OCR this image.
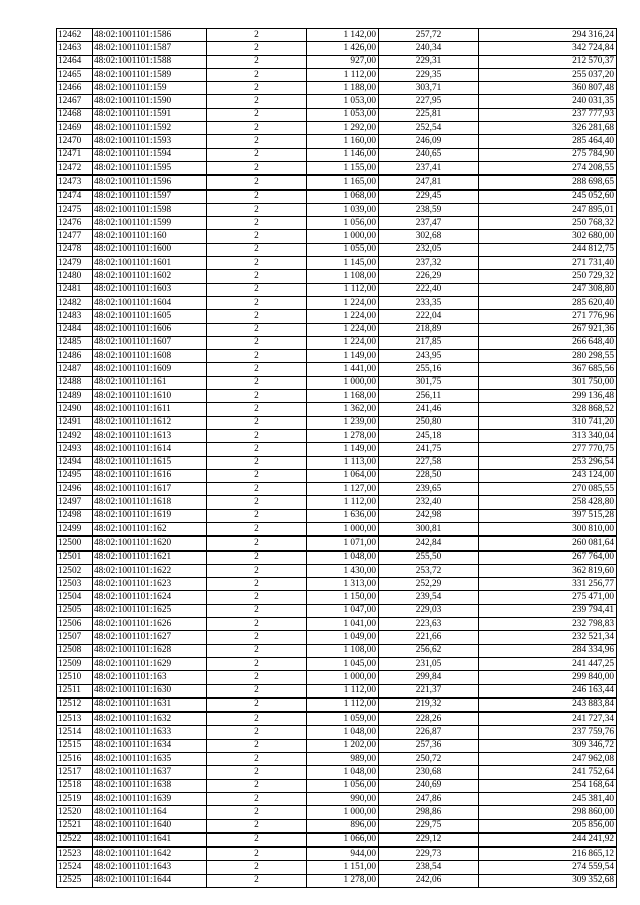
12462	48:02:1001101:1586	2	1 142,00	257,72	294 316,24
12463	48:02:1001101:1587	2	1 426,00	240,34	342 724,84
12464	48:02:1001101:1588	2	927,00	229,31	212 570,37
12465	48:02:1001101:1589	2	1 112,00	229,35	255 037,20
12466	48:02:1001101:159	2	1 188,00	303,71	360 807,48
12467	48:02:1001101:1590	2	1 053,00	227,95	240 031,35
12468	48:02:1001101:1591	2	1 053,00	225,81	237 777,93
12469	48:02:1001101:1592	2	1 292,00	252,54	326 281,68
12470	48:02:1001101:1593	2	1 160,00	246,09	285 464,40
12471	48:02:1001101:1594	2	1 146,00	240,65	275 784,90
12472	48:02:1001101:1595	2	1 155,00	237,41	274 208,55
12473	48:02:1001101:1596	2	1 165,00	247,81	288 698,65
12474	48:02:1001101:1597	2	1 068,00	229,45	245 052,60
12475	48:02:1001101:1598	2	1 039,00	238,59	247 895,01
12476	48:02:1001101:1599	2	1 056,00	237,47	250 768,32
12477	48:02:1001101:160	2	1 000,00	302,68	302 680,00
12478	48:02:1001101:1600	2	1 055,00	232,05	244 812,75
12479	48:02:1001101:1601	2	1 145,00	237,32	271 731,40
12480	48:02:1001101:1602	2	1 108,00	226,29	250 729,32
12481	48:02:1001101:1603	2	1 112,00	222,40	247 308,80
12482	48:02:1001101:1604	2	1 224,00	233,35	285 620,40
12483	48:02:1001101:1605	2	1 224,00	222,04	271 776,96
12484	48:02:1001101:1606	2	1 224,00	218,89	267 921,36
12485	48:02:1001101:1607	2	1 224,00	217,85	266 648,40
12486	48:02:1001101:1608	2	1 149,00	243,95	280 298,55
12487	48:02:1001101:1609	2	1 441,00	255,16	367 685,56
12488	48:02:1001101:161	2	1 000,00	301,75	301 750,00
12489	48:02:1001101:1610	2	1 168,00	256,11	299 136,48
12490	48:02:1001101:1611	2	1 362,00	241,46	328 868,52
12491	48:02:1001101:1612	2	1 239,00	250,80	310 741,20
12492	48:02:1001101:1613	2	1 278,00	245,18	313 340,04
12493	48:02:1001101:1614	2	1 149,00	241,75	277 770,75
12494	48:02:1001101:1615	2	1 113,00	227,58	253 296,54
12495	48:02:1001101:1616	2	1 064,00	228,50	243 124,00
12496	48:02:1001101:1617	2	1 127,00	239,65	270 085,55
12497	48:02:1001101:1618	2	1 112,00	232,40	258 428,80
12498	48:02:1001101:1619	2	1 636,00	242,98	397 515,28
12499	48:02:1001101:162	2	1 000,00	300,81	300 810,00
12500	48:02:1001101:1620	2	1 071,00	242,84	260 081,64
12501	48:02:1001101:1621	2	1 048,00	255,50	267 764,00
12502	48:02:1001101:1622	2	1 430,00	253,72	362 819,60
12503	48:02:1001101:1623	2	1 313,00	252,29	331 256,77
12504	48:02:1001101:1624	2	1 150,00	239,54	275 471,00
12505	48:02:1001101:1625	2	1 047,00	229,03	239 794,41
12506	48:02:1001101:1626	2	1 041,00	223,63	232 798,83
12507	48:02:1001101:1627	2	1 049,00	221,66	232 521,34
12508	48:02:1001101:1628	2	1 108,00	256,62	284 334,96
12509	48:02:1001101:1629	2	1 045,00	231,05	241 447,25
12510	48:02:1001101:163	2	1 000,00	299,84	299 840,00
12511	48:02:1001101:1630	2	1 112,00	221,37	246 163,44
12512	48:02:1001101:1631	2	1 112,00	219,32	243 883,84
12513	48:02:1001101:1632	2	1 059,00	228,26	241 727,34
12514	48:02:1001101:1633	2	1 048,00	226,87	237 759,76
12515	48:02:1001101:1634	2	1 202,00	257,36	309 346,72
12516	48:02:1001101:1635	2	989,00	250,72	247 962,08
12517	48:02:1001101:1637	2	1 048,00	230,68	241 752,64
12518	48:02:1001101:1638	2	1 056,00	240,69	254 168,64
12519	48:02:1001101:1639	2	990,00	247,86	245 381,40
12520	48:02:1001101:164	2	1 000,00	298,86	298 860,00
12521	48:02:1001101:1640	2	896,00	229,75	205 856,00
12522	48:02:1001101:1641	2	1 066,00	229,12	244 241,92
12523	48:02:1001101:1642	2	944,00	229,73	216 865,12
12524	48:02:1001101:1643	2	1 151,00	238,54	274 559,54
12525	48:02:1001101:1644	2	1 278,00	242,06	309 352,68
